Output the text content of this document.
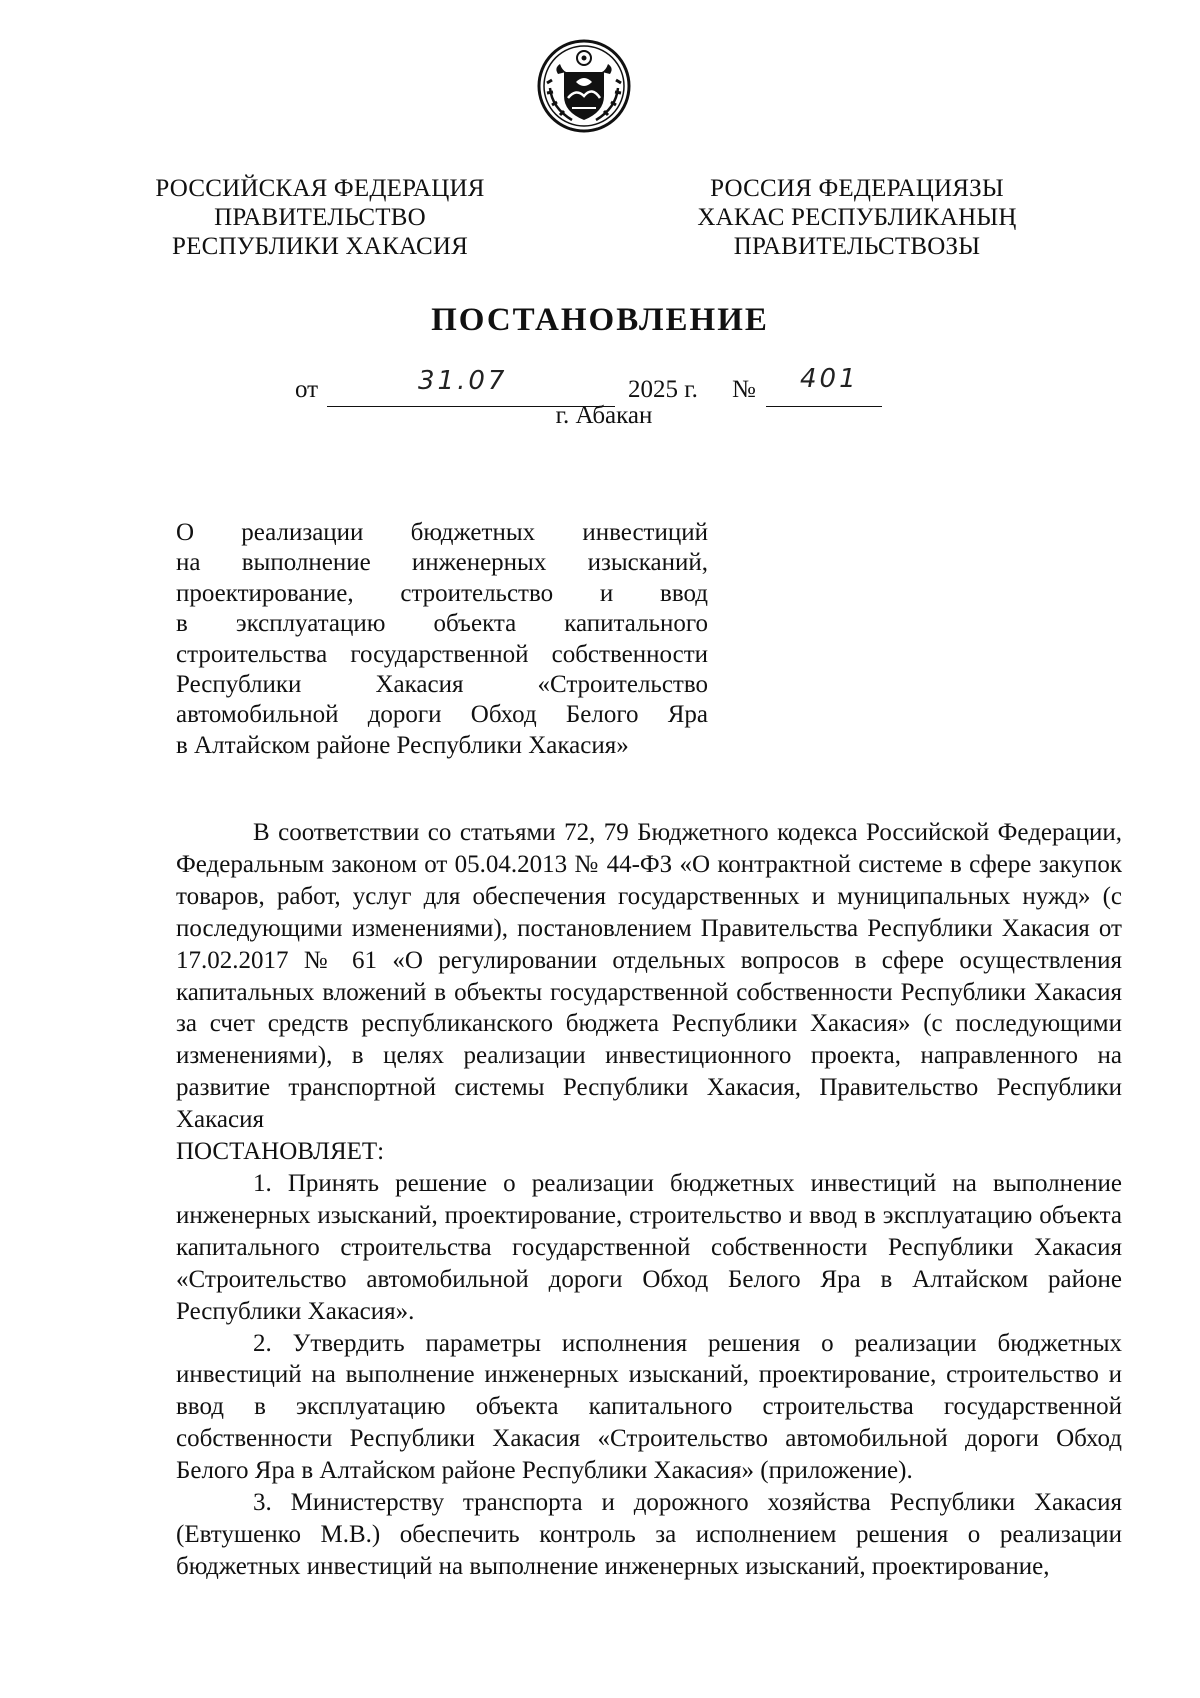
РОССИЙСКАЯ ФЕДЕРАЦИЯ
ПРАВИТЕЛЬСТВО
РЕСПУБЛИКИ ХАКАСИЯ
РОССИЯ ФЕДЕРАЦИЯЗЫ
ХАКАС РЕСПУБЛИКАНЫҢ
ПРАВИТЕЛЬСТВОЗЫ
ПОСТАНОВЛЕНИЕ
от	31.07	2025 г. № 401
г. Абакан
О реализации бюджетных инвестиций
на выполнение инженерных изысканий,
проектирование, строительство и ввод
в эксплуатацию объекта капитального
строительства государственной собственности
Республики Хакасия «Строительство
автомобильной дороги Обход Белого Яра
в Алтайском районе Республики Хакасия»

В соответствии со статьями 72, 79 Бюджетного кодекса Российской Федерации, Федеральным законом от 05.04.2013 № 44-ФЗ «О контрактной системе в сфере закупок товаров, работ, услуг для обеспечения государственных и муниципальных нужд» (с последующими изменениями), постановлением Правительства Республики Хакасия от 17.02.2017 № 61 «О регулировании отдельных вопросов в сфере осуществления капитальных вложений в объекты государственной собственности Республики Хакасия за счет средств республиканского бюджета Республики Хакасия» (с последующими изменениями), в целях реализации инвестиционного проекта, направленного на развитие транспортной системы Республики Хакасия, Правительство Республики Хакасия

ПОСТАНОВЛЯЕТ:

1. Принять решение о реализации бюджетных инвестиций на выполнение инженерных изысканий, проектирование, строительство и ввод в эксплуатацию объекта капитального строительства государственной собственности Республики Хакасия «Строительство автомобильной дороги Обход Белого Яра в Алтайском районе Республики Хакасия».

2. Утвердить параметры исполнения решения о реализации бюджетных инвестиций на выполнение инженерных изысканий, проектирование, строительство и ввод в эксплуатацию объекта капитального строительства государственной собственности Республики Хакасия «Строительство автомобильной дороги Обход Белого Яра в Алтайском районе Республики Хакасия» (приложение).

3. Министерству транспорта и дорожного хозяйства Республики Хакасия (Евтушенко М.В.) обеспечить контроль за исполнением решения о реализации бюджетных инвестиций на выполнение инженерных изысканий, проектирование,
